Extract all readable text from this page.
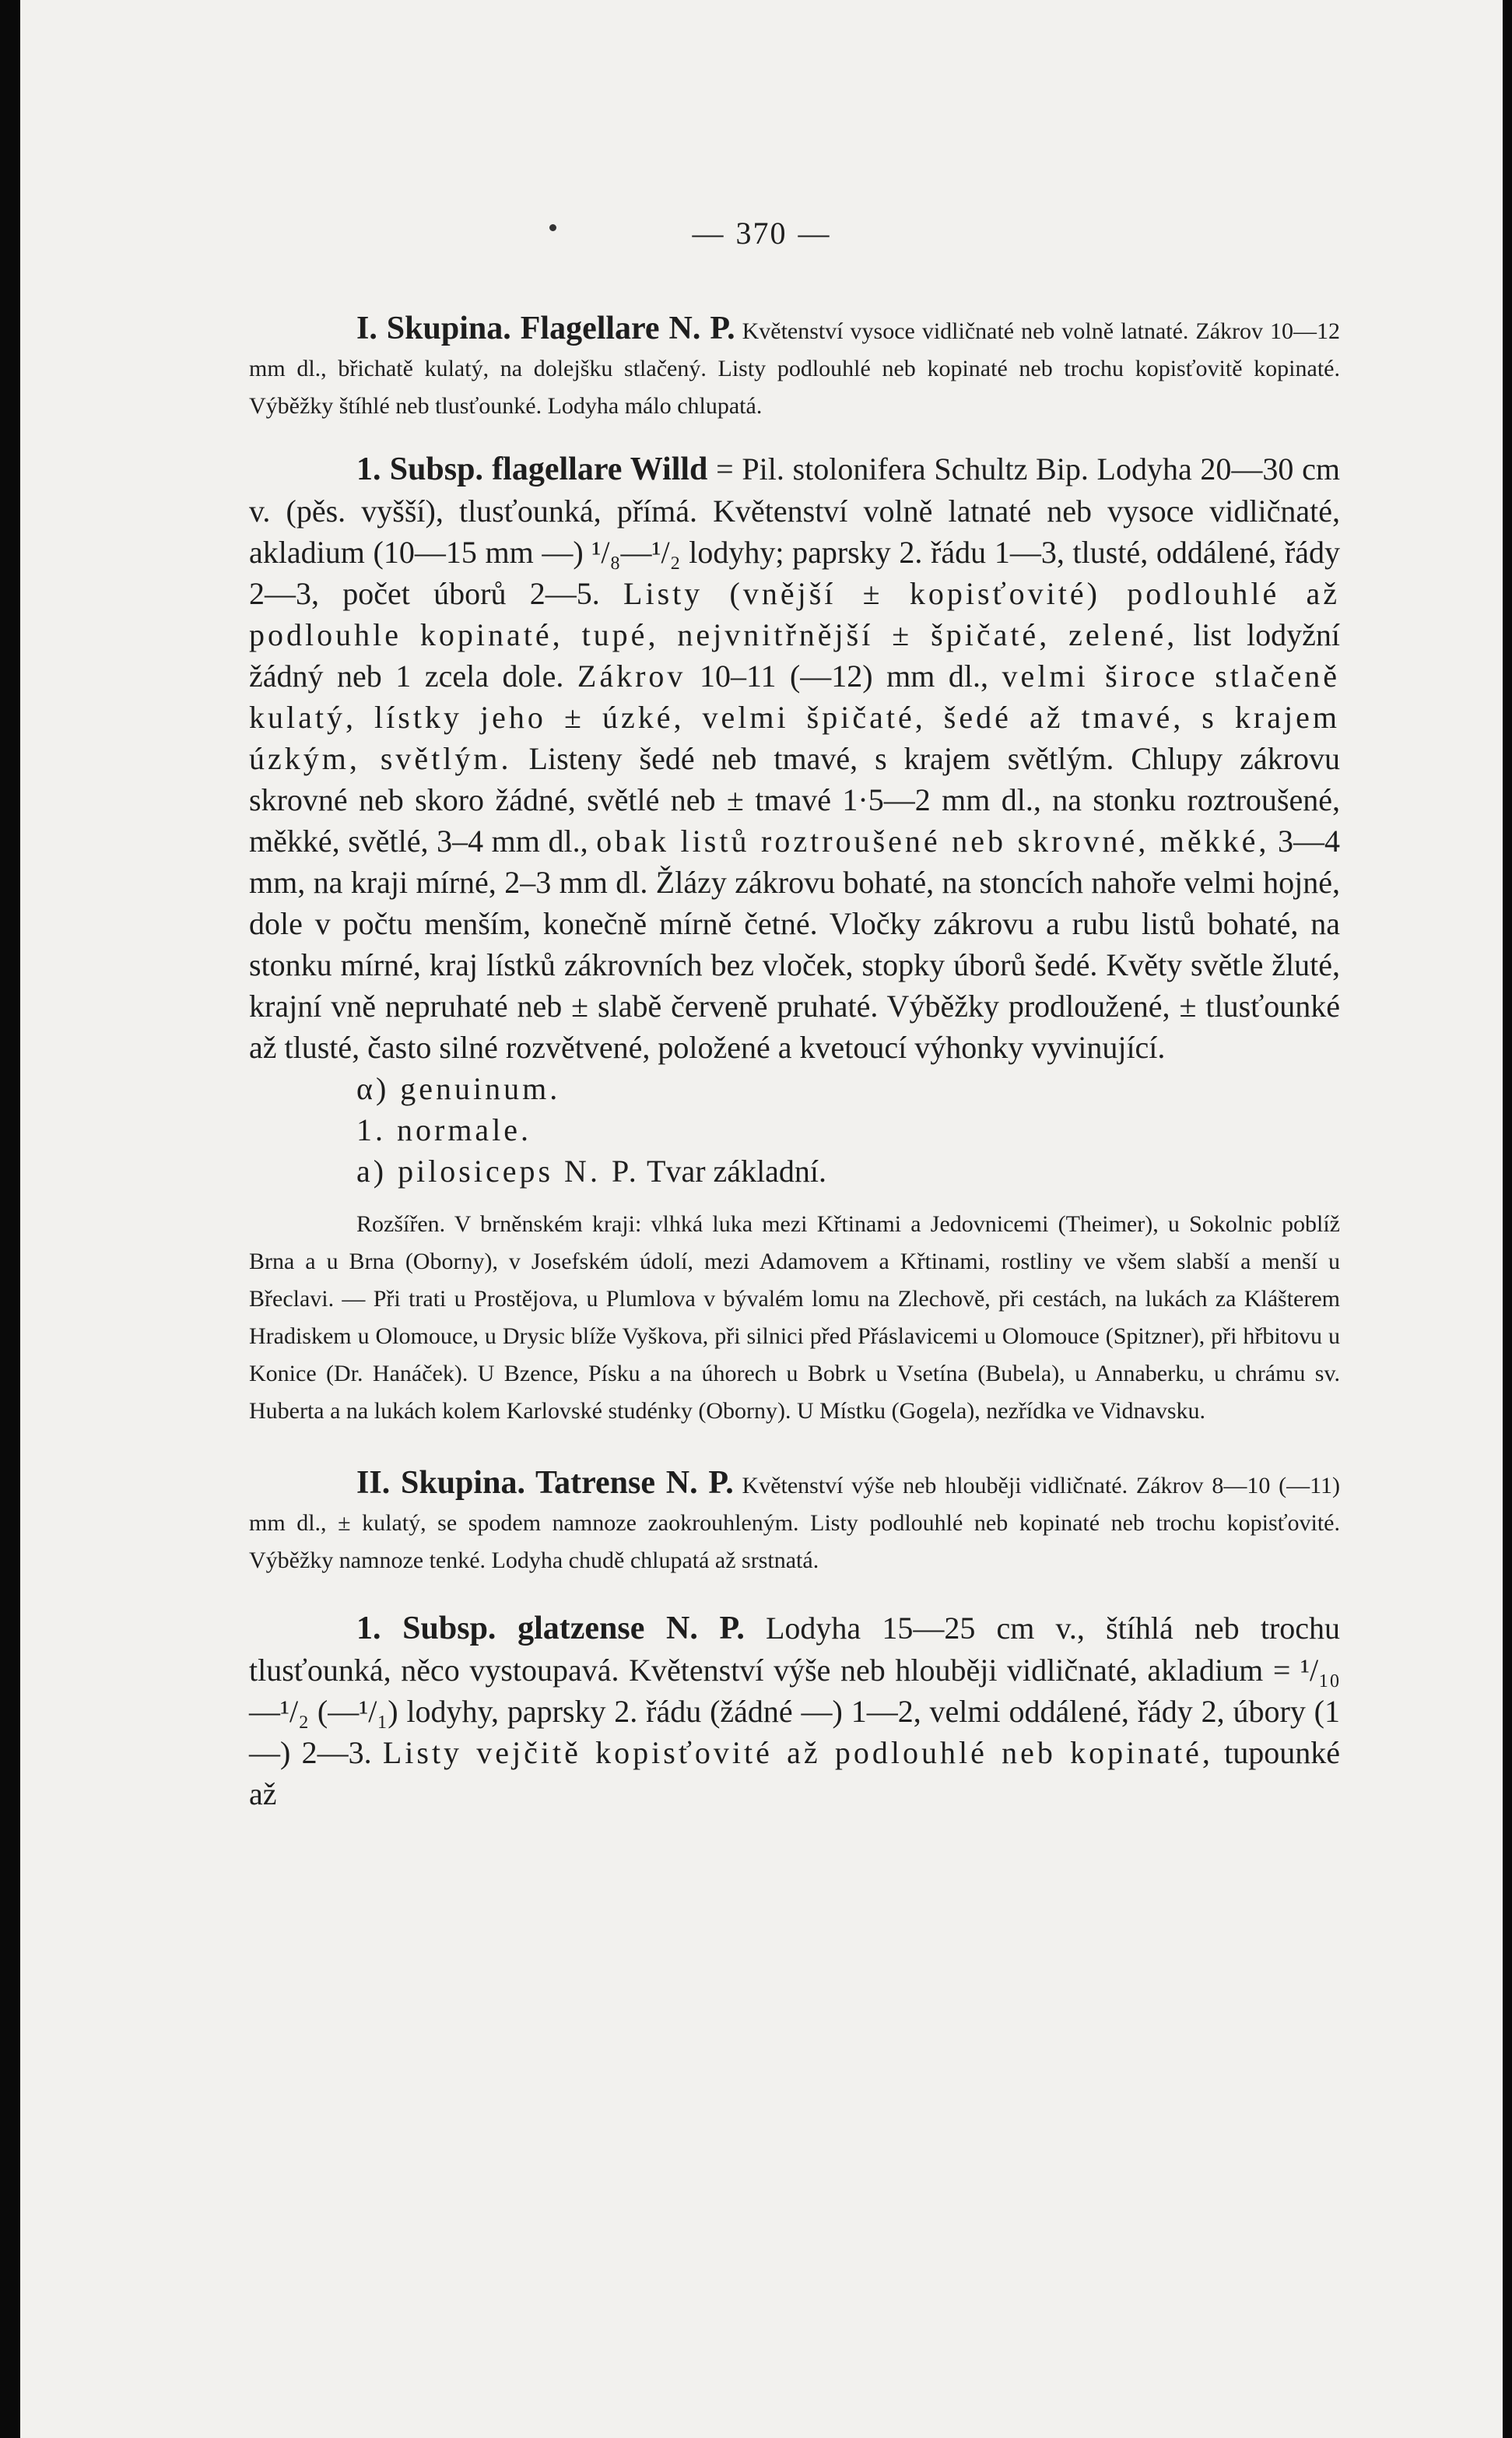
— 370 —

I. Skupina. Flagellare N. P. Květenství vysoce vidličnaté neb volně latnaté. Zákrov 10—12 mm dl., břichatě kulatý, na dolejšku stlačený. Listy podlouhlé neb kopinaté neb trochu kopisťovitě kopinaté. Výběžky štíhlé neb tlusťounké. Lodyha málo chlupatá.

1. Subsp. flagellare Willd = Pil. stolonifera Schultz Bip. Lodyha 20—30 cm v. (pěs. vyšší), tlusťounká, přímá. Květenství volně latnaté neb vysoce vidličnaté, akladium (10—15 mm —) ¹/₈—¹/₂ lodyhy; paprsky 2. řádu 1—3, tlusté, oddálené, řády 2—3, počet úborů 2—5. Listy (vnější ± kopisťovité) podlouhlé až podlouhle kopinaté, tupé, nejvnitřnější ± špičaté, zelené, list lodyžní žádný neb 1 zcela dole. Zákrov 10–11 (—12) mm dl., velmi široce stlačeně kulatý, lístky jeho ± úzké, velmi špičaté, šedé až tmavé, s krajem úzkým, světlým. Listeny šedé neb tmavé, s krajem světlým. Chlupy zákrovu skrovné neb skoro žádné, světlé neb ± tmavé 1·5—2 mm dl., na stonku roztroušené, měkké, světlé, 3–4 mm dl., obak listů roztroušené neb skrovné, měkké, 3—4 mm, na kraji mírné, 2–3 mm dl. Žlázy zákrovu bohaté, na stoncích nahoře velmi hojné, dole v počtu menším, konečně mírně četné. Vločky zákrovu a rubu listů bohaté, na stonku mírné, kraj lístků zákrovních bez vloček, stopky úborů šedé. Květy světle žluté, krajní vně nepruhaté neb ± slabě červeně pruhaté. Výběžky prodloužené, ± tlusťounké až tlusté, často silné rozvětvené, položené a kvetoucí výhonky vyvinující.

α) genuinum.

1. normale.

a) pilosiceps N. P. Tvar základní.

Rozšířen. V brněnském kraji: vlhká luka mezi Křtinami a Jedovnicemi (Theimer), u Sokolnic poblíž Brna a u Brna (Oborny), v Josefském údolí, mezi Adamovem a Křtinami, rostliny ve všem slabší a menší u Břeclavi. — Při trati u Prostějova, u Plumlova v bývalém lomu na Zlechově, při cestách, na lukách za Klášterem Hradiskem u Olomouce, u Drysic blíže Vyškova, při silnici před Přáslavicemi u Olomouce (Spitzner), při hřbitovu u Konice (Dr. Hanáček). U Bzence, Písku a na úhorech u Bobrk u Vsetína (Bubela), u Annaberku, u chrámu sv. Huberta a na lukách kolem Karlovské studénky (Oborny). U Místku (Gogela), nezřídka ve Vidnavsku.

II. Skupina. Tatrense N. P. Květenství výše neb hlouběji vidličnaté. Zákrov 8—10 (—11) mm dl., ± kulatý, se spodem namnoze zaokrouhleným. Listy podlouhlé neb kopinaté neb trochu kopisťovité. Výběžky namnoze tenké. Lodyha chudě chlupatá až srstnatá.

1. Subsp. glatzense N. P. Lodyha 15—25 cm v., štíhlá neb trochu tlusťounká, něco vystoupavá. Květenství výše neb hlouběji vidličnaté, akladium = ¹/₁₀—¹/₂ (—¹/₁) lodyhy, paprsky 2. řádu (žádné —) 1—2, velmi oddálené, řády 2, úbory (1—) 2—3. Listy vejčitě kopisťovité až podlouhlé neb kopinaté, tupounké až
